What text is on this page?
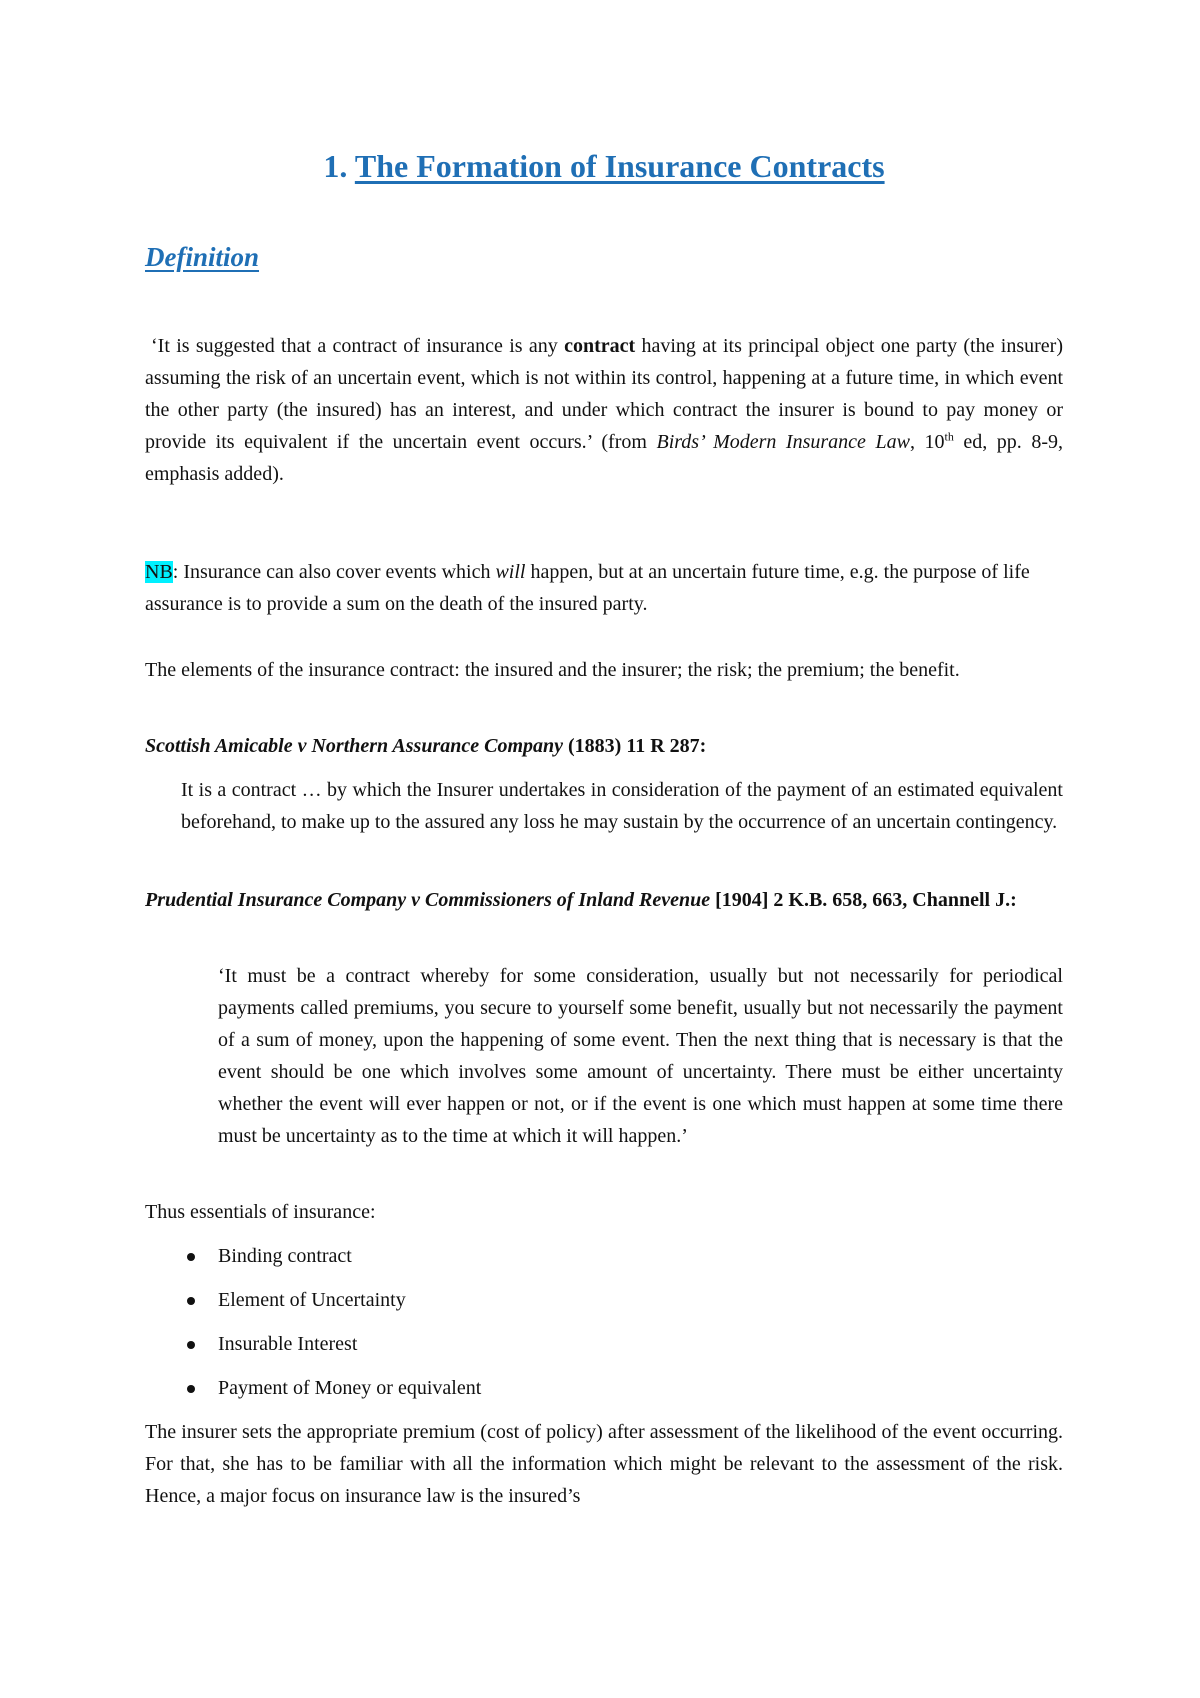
1. The Formation of Insurance Contracts
Definition

‘It is suggested that a contract of insurance is any contract having at its principal object one party (the insurer) assuming the risk of an uncertain event, which is not within its control, happening at a future time, in which event the other party (the insured) has an interest, and under which contract the insurer is bound to pay money or provide its equivalent if the uncertain event occurs.’ (from Birds’ Modern Insurance Law, 10th ed, pp. 8-9, emphasis added).

NB: Insurance can also cover events which will happen, but at an uncertain future time, e.g. the purpose of life assurance is to provide a sum on the death of the insured party.

The elements of the insurance contract: the insured and the insurer; the risk; the premium; the benefit.

Scottish Amicable v Northern Assurance Company (1883) 11 R 287:

It is a contract … by which the Insurer undertakes in consideration of the payment of an estimated equivalent beforehand, to make up to the assured any loss he may sustain by the occurrence of an uncertain contingency.

Prudential Insurance Company v Commissioners of Inland Revenue [1904] 2 K.B. 658, 663, Channell J.:

‘It must be a contract whereby for some consideration, usually but not necessarily for periodical payments called premiums, you secure to yourself some benefit, usually but not necessarily the payment of a sum of money, upon the happening of some event. Then the next thing that is necessary is that the event should be one which involves some amount of uncertainty. There must be either uncertainty whether the event will ever happen or not, or if the event is one which must happen at some time there must be uncertainty as to the time at which it will happen.’

Thus essentials of insurance:

Binding contract
Element of Uncertainty
Insurable Interest
Payment of Money or equivalent

The insurer sets the appropriate premium (cost of policy) after assessment of the likelihood of the event occurring. For that, she has to be familiar with all the information which might be relevant to the assessment of the risk. Hence, a major focus on insurance law is the insured’s
